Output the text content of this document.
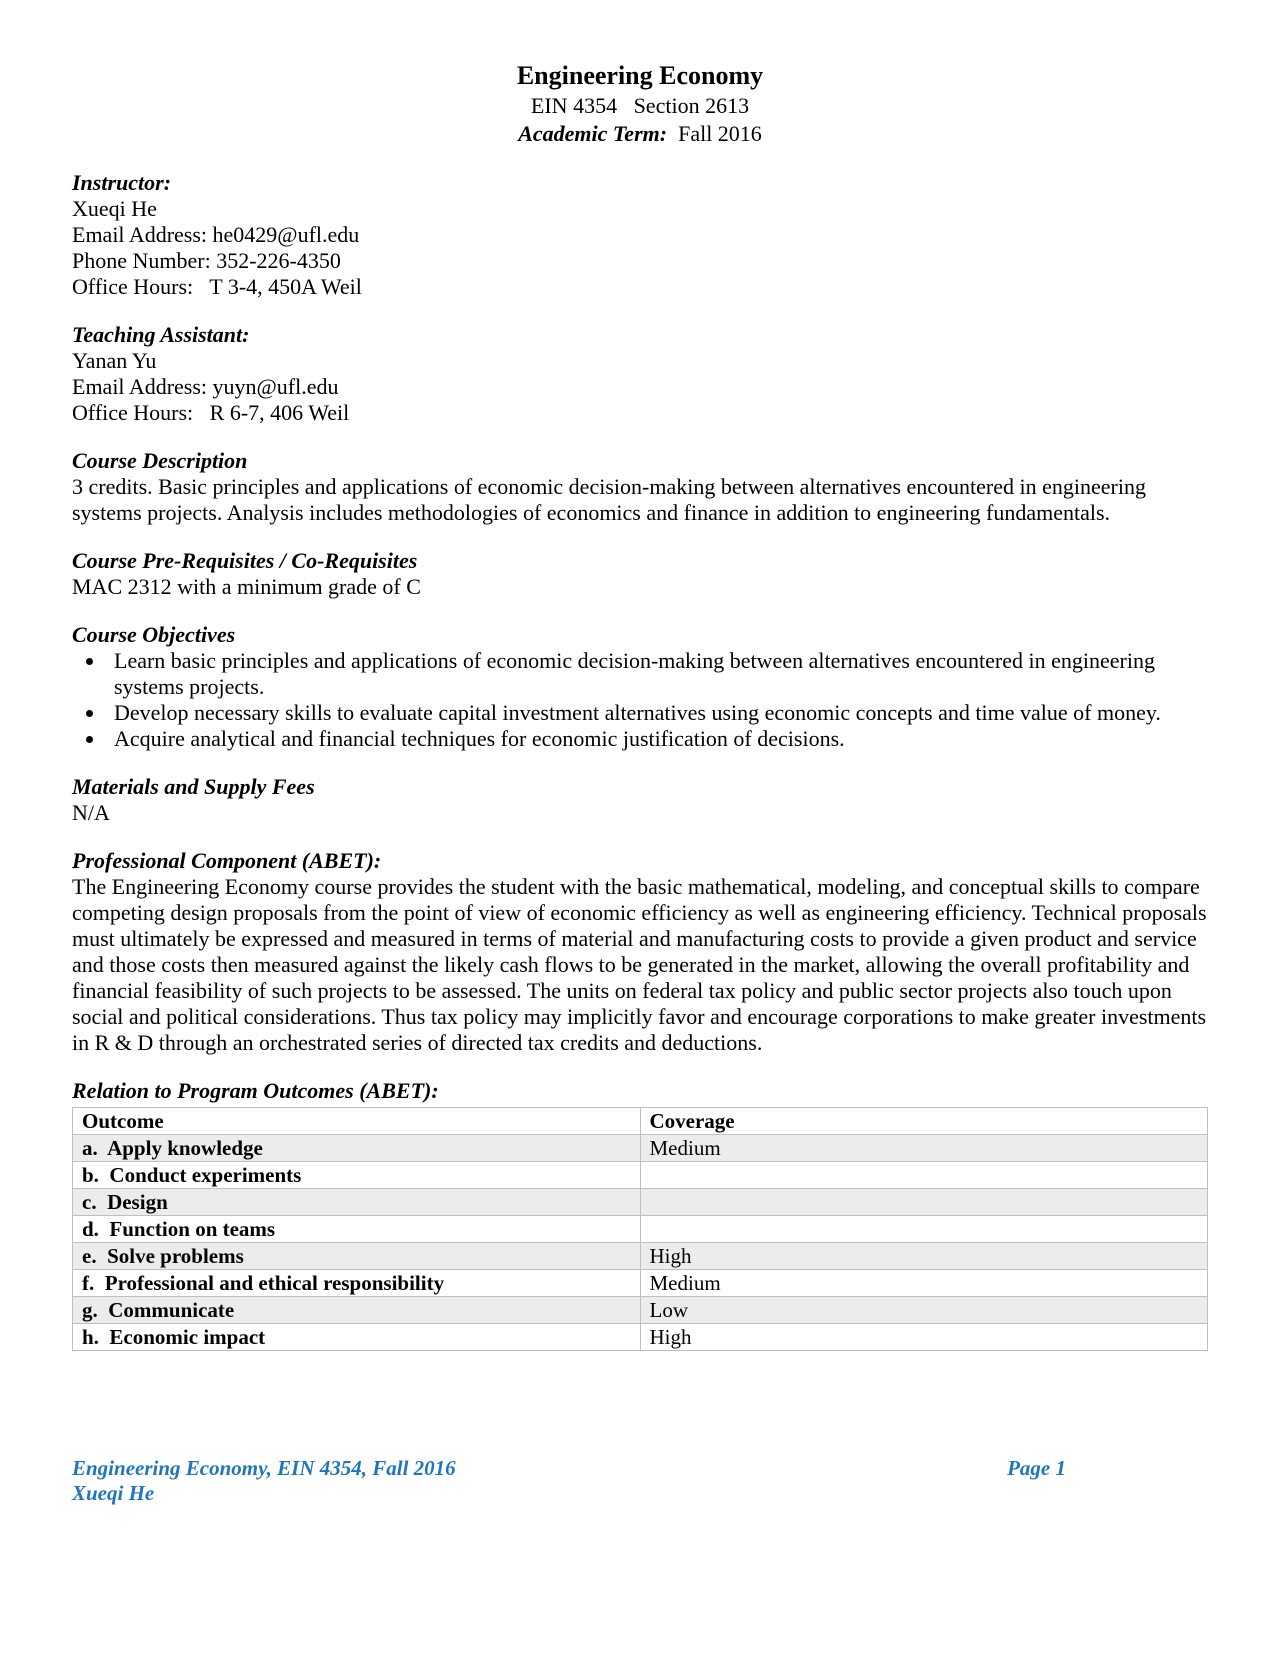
Engineering Economy
EIN 4354   Section 2613
Academic Term:  Fall 2016
Instructor:
Xueqi He
Email Address: he0429@ufl.edu
Phone Number: 352-226-4350
Office Hours:   T 3-4, 450A Weil
Teaching Assistant:
Yanan Yu
Email Address: yuyn@ufl.edu
Office Hours:   R 6-7, 406 Weil
Course Description
3 credits. Basic principles and applications of economic decision-making between alternatives encountered in engineering systems projects. Analysis includes methodologies of economics and finance in addition to engineering fundamentals.
Course Pre-Requisites / Co-Requisites
MAC 2312 with a minimum grade of C
Course Objectives
• Learn basic principles and applications of economic decision-making between alternatives encountered in engineering systems projects.
• Develop necessary skills to evaluate capital investment alternatives using economic concepts and time value of money.
• Acquire analytical and financial techniques for economic justification of decisions.
Materials and Supply Fees
N/A
Professional Component (ABET):
The Engineering Economy course provides the student with the basic mathematical, modeling, and conceptual skills to compare competing design proposals from the point of view of economic efficiency as well as engineering efficiency. Technical proposals must ultimately be expressed and measured in terms of material and manufacturing costs to provide a given product and service and those costs then measured against the likely cash flows to be generated in the market, allowing the overall profitability and financial feasibility of such projects to be assessed. The units on federal tax policy and public sector projects also touch upon social and political considerations. Thus tax policy may implicitly favor and encourage corporations to make greater investments in R & D through an orchestrated series of directed tax credits and deductions.
Relation to Program Outcomes (ABET):
Outcome	Coverage
a.  Apply knowledge	Medium
b.  Conduct experiments	
c.  Design	
d.  Function on teams	
e.  Solve problems	High
f.  Professional and ethical responsibility	Medium
g.  Communicate	Low
h.  Economic impact	High
Engineering Economy, EIN 4354, Fall 2016	Page 1
Xueqi He
